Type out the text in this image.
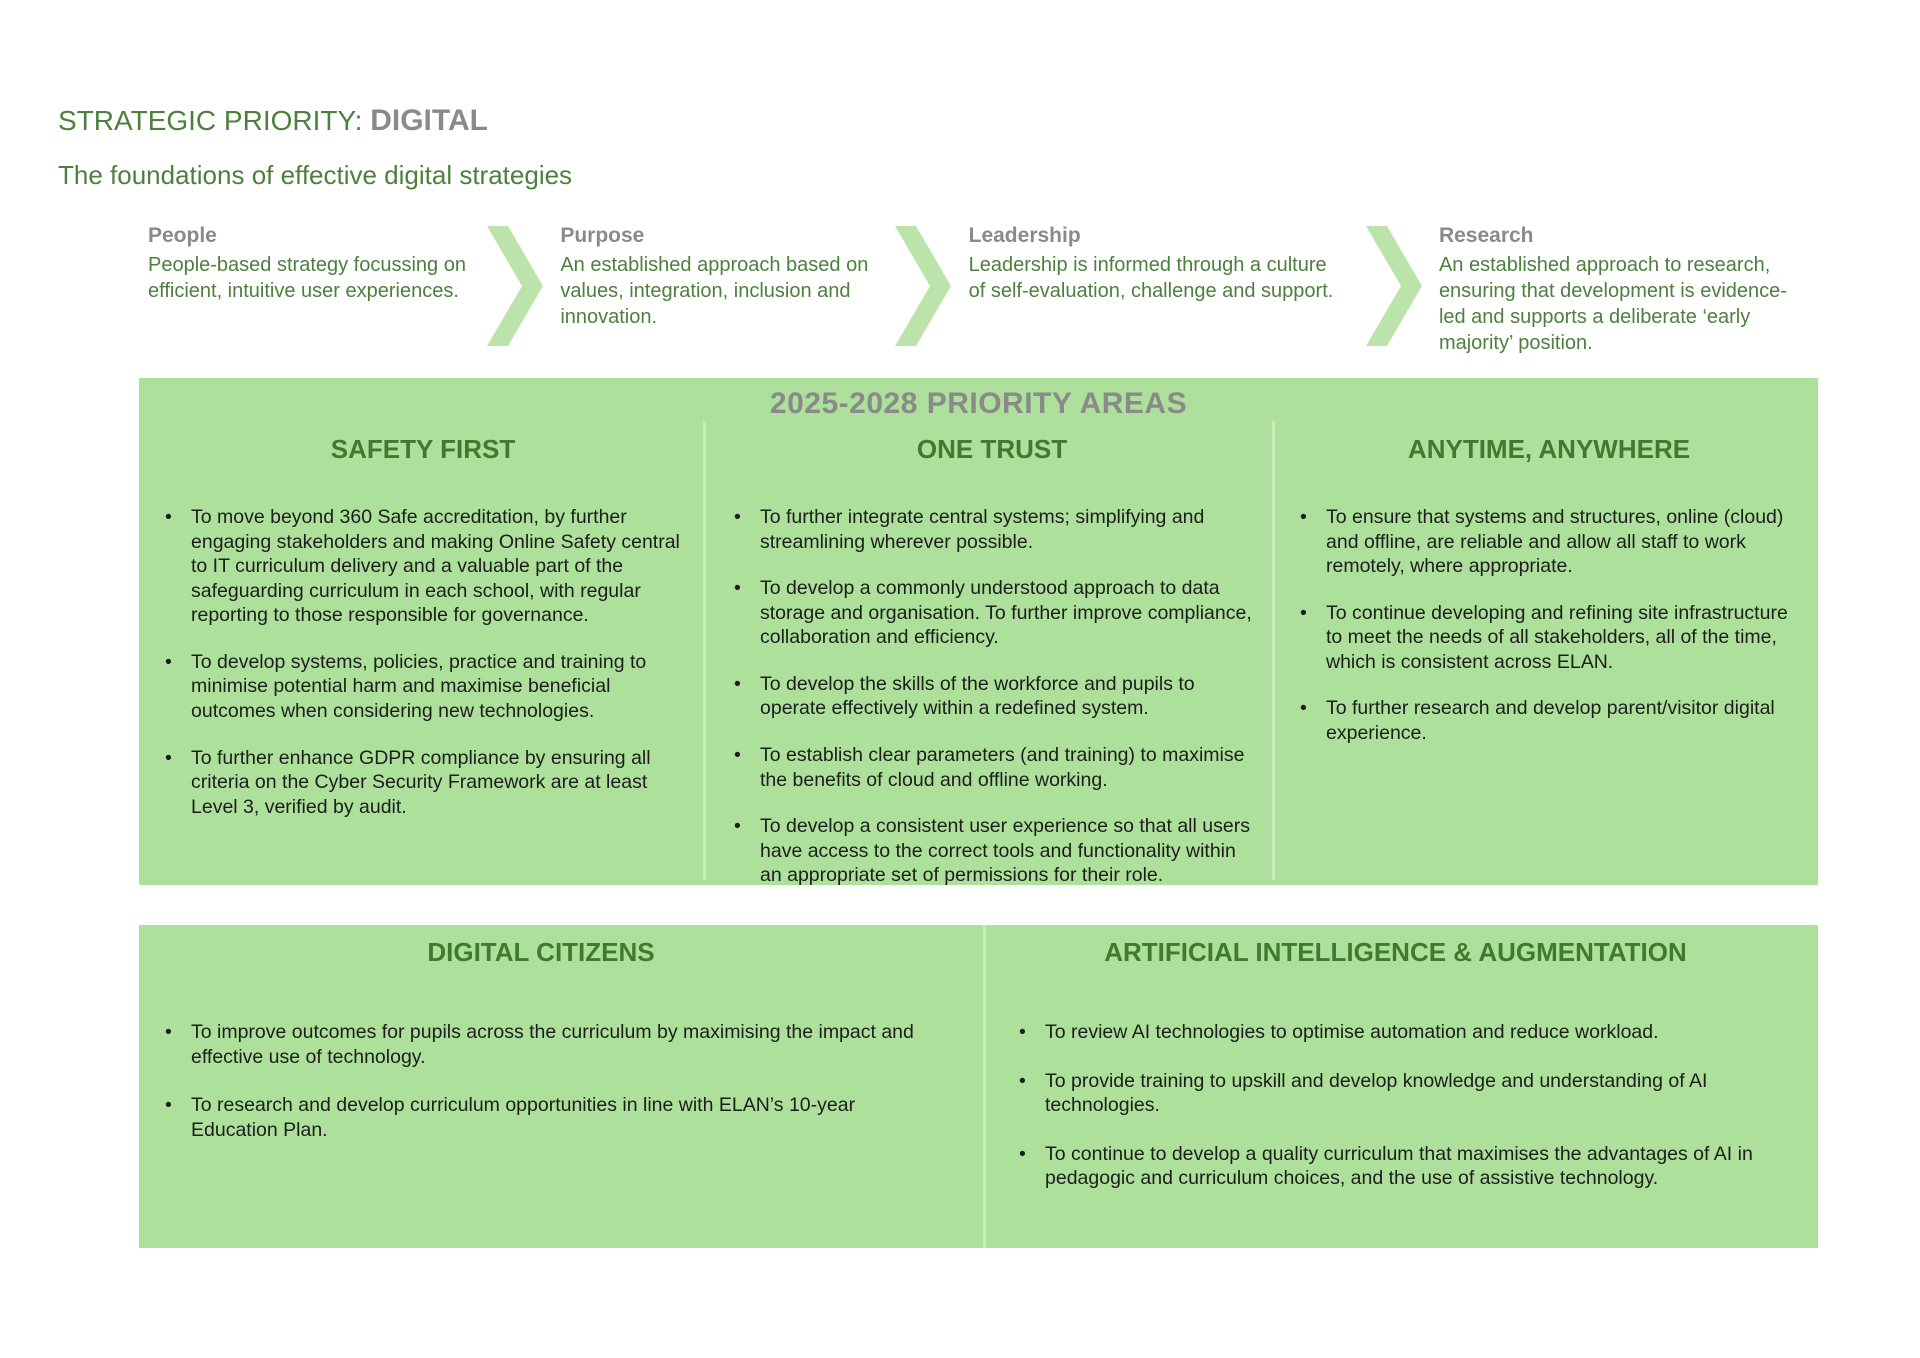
STRATEGIC PRIORITY: DIGITAL
The foundations of effective digital strategies
People
People-based strategy focussing on efficient, intuitive user experiences.
Purpose
An established approach based on values, integration, inclusion and innovation.
Leadership
Leadership is informed through a culture of self-evaluation, challenge and support.
Research
An established approach to research, ensuring that development is evidence-led and supports a deliberate ‘early majority’ position.
2025-2028 PRIORITY AREAS
SAFETY FIRST
• To move beyond 360 Safe accreditation, by further engaging stakeholders and making Online Safety central to IT curriculum delivery and a valuable part of the safeguarding curriculum in each school, with regular reporting to those responsible for governance.
• To develop systems, policies, practice and training to minimise potential harm and maximise beneficial outcomes when considering new technologies.
• To further enhance GDPR compliance by ensuring all criteria on the Cyber Security Framework are at least Level 3, verified by audit.
ONE TRUST
• To further integrate central systems; simplifying and streamlining wherever possible.
• To develop a commonly understood approach to data storage and organisation. To further improve compliance, collaboration and efficiency.
• To develop the skills of the workforce and pupils to operate effectively within a redefined system.
• To establish clear parameters (and training) to maximise the benefits of cloud and offline working.
• To develop a consistent user experience so that all users have access to the correct tools and functionality within an appropriate set of permissions for their role.
ANYTIME, ANYWHERE
• To ensure that systems and structures, online (cloud) and offline, are reliable and allow all staff to work remotely, where appropriate.
• To continue developing and refining site infrastructure to meet the needs of all stakeholders, all of the time, which is consistent across ELAN.
• To further research and develop parent/visitor digital experience.
DIGITAL CITIZENS
• To improve outcomes for pupils across the curriculum by maximising the impact and effective use of technology.
• To research and develop curriculum opportunities in line with ELAN’s 10-year Education Plan.
ARTIFICIAL INTELLIGENCE & AUGMENTATION
• To review AI technologies to optimise automation and reduce workload.
• To provide training to upskill and develop knowledge and understanding of AI technologies.
• To continue to develop a quality curriculum that maximises the advantages of AI in pedagogic and curriculum choices, and the use of assistive technology.
